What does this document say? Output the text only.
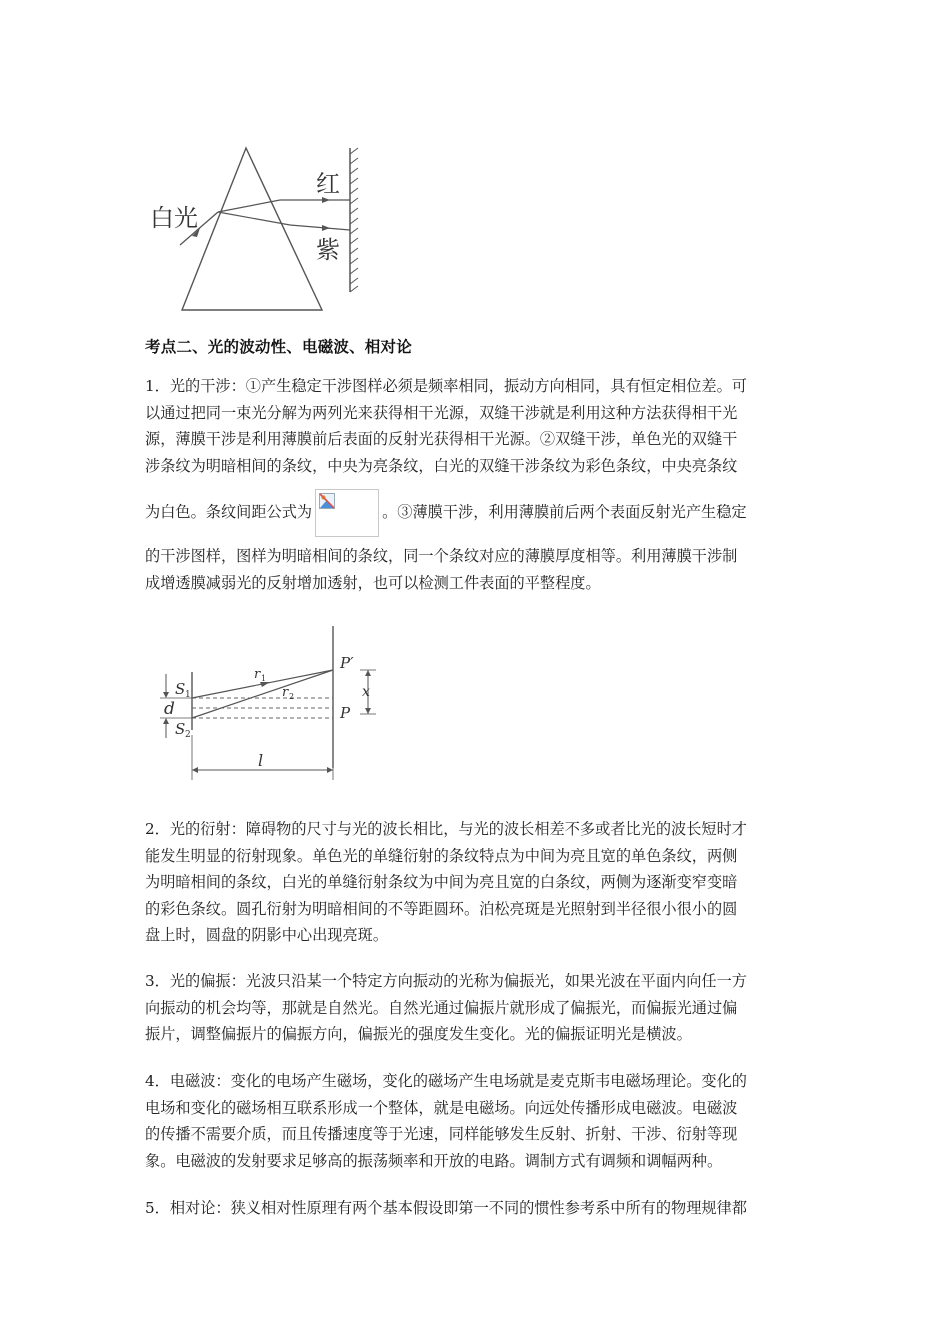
白光
红
紫
考点二、光的波动性、电磁波、相对论
1．光的干涉：①产生稳定干涉图样必须是频率相同，振动方向相同，具有恒定相位差。可
以通过把同一束光分解为两列光来获得相干光源，双缝干涉就是利用这种方法获得相干光
源，薄膜干涉是利用薄膜前后表面的反射光获得相干光源。②双缝干涉，单色光的双缝干
涉条纹为明暗相间的条纹，中央为亮条纹，白光的双缝干涉条纹为彩色条纹，中央亮条纹
为白色。条纹间距公式为	。③薄膜干涉，利用薄膜前后两个表面反射光产生稳定
的干涉图样，图样为明暗相间的条纹，同一个条纹对应的薄膜厚度相等。利用薄膜干涉制
成增透膜减弱光的反射增加透射，也可以检测工件表面的平整程度。
S 1
d
S 2
r 1
r 2
P′
P
x
l
2．光的衍射：障碍物的尺寸与光的波长相比，与光的波长相差不多或者比光的波长短时才
能发生明显的衍射现象。单色光的单缝衍射的条纹特点为中间为亮且宽的单色条纹，两侧
为明暗相间的条纹，白光的单缝衍射条纹为中间为亮且宽的白条纹，两侧为逐渐变窄变暗
的彩色条纹。圆孔衍射为明暗相间的不等距圆环。泊松亮斑是光照射到半径很小很小的圆
盘上时，圆盘的阴影中心出现亮斑。
3．光的偏振：光波只沿某一个特定方向振动的光称为偏振光，如果光波在平面内向任一方
向振动的机会均等，那就是自然光。自然光通过偏振片就形成了偏振光，而偏振光通过偏
振片，调整偏振片的偏振方向，偏振光的强度发生变化。光的偏振证明光是横波。
4．电磁波：变化的电场产生磁场，变化的磁场产生电场就是麦克斯韦电磁场理论。变化的
电场和变化的磁场相互联系形成一个整体，就是电磁场。向远处传播形成电磁波。电磁波
的传播不需要介质，而且传播速度等于光速，同样能够发生反射、折射、干涉、衍射等现
象。电磁波的发射要求足够高的振荡频率和开放的电路。调制方式有调频和调幅两种。
5．相对论：狭义相对性原理有两个基本假设即第一不同的惯性参考系中所有的物理规律都
